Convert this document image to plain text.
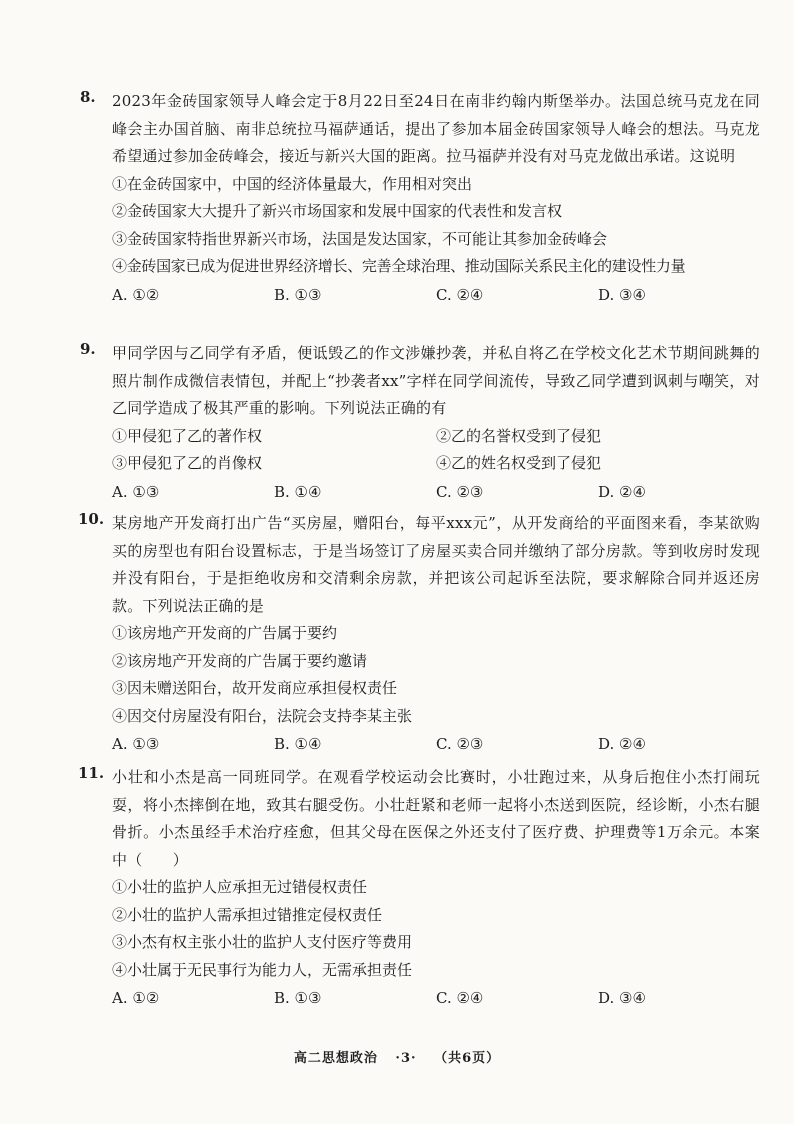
8. 2023年金砖国家领导人峰会定于8月22日至24日在南非约翰内斯堡举办。法国总统马克龙在同峰会主办国首脑、南非总统拉马福萨通话，提出了参加本届金砖国家领导人峰会的想法。马克龙希望通过参加金砖峰会，接近与新兴大国的距离。拉马福萨并没有对马克龙做出承诺。这说明
①在金砖国家中，中国的经济体量最大，作用相对突出
②金砖国家大大提升了新兴市场国家和发展中国家的代表性和发言权
③金砖国家特指世界新兴市场，法国是发达国家，不可能让其参加金砖峰会
④金砖国家已成为促进世界经济增长、完善全球治理、推动国际关系民主化的建设性力量
A. ①②	B. ①③	C. ②④	D. ③④
9. 甲同学因与乙同学有矛盾，便诋毁乙的作文涉嫌抄袭，并私自将乙在学校文化艺术节期间跳舞的照片制作成微信表情包，并配上“抄袭者xx”字样在同学间流传，导致乙同学遭到讽刺与嘲笑，对乙同学造成了极其严重的影响。下列说法正确的有
①甲侵犯了乙的著作权	②乙的名誉权受到了侵犯
③甲侵犯了乙的肖像权	④乙的姓名权受到了侵犯
A. ①③	B. ①④	C. ②③	D. ②④
10. 某房地产开发商打出广告“买房屋，赠阳台，每平xxx元”，从开发商给的平面图来看，李某欲购买的房型也有阳台设置标志，于是当场签订了房屋买卖合同并缴纳了部分房款。等到收房时发现并没有阳台，于是拒绝收房和交清剩余房款，并把该公司起诉至法院，要求解除合同并返还房款。下列说法正确的是
①该房地产开发商的广告属于要约
②该房地产开发商的广告属于要约邀请
③因未赠送阳台，故开发商应承担侵权责任
④因交付房屋没有阳台，法院会支持李某主张
A. ①③	B. ①④	C. ②③	D. ②④
11. 小壮和小杰是高一同班同学。在观看学校运动会比赛时，小壮跑过来，从身后抱住小杰打闹玩耍，将小杰摔倒在地，致其右腿受伤。小壮赶紧和老师一起将小杰送到医院，经诊断，小杰右腿骨折。小杰虽经手术治疗痊愈，但其父母在医保之外还支付了医疗费、护理费等1万余元。本案中（　　）
①小壮的监护人应承担无过错侵权责任
②小壮的监护人需承担过错推定侵权责任
③小杰有权主张小壮的监护人支付医疗等费用
④小壮属于无民事行为能力人，无需承担责任
A. ①②	B. ①③	C. ②④	D. ③④
高二思想政治 ·3· （共6页）
